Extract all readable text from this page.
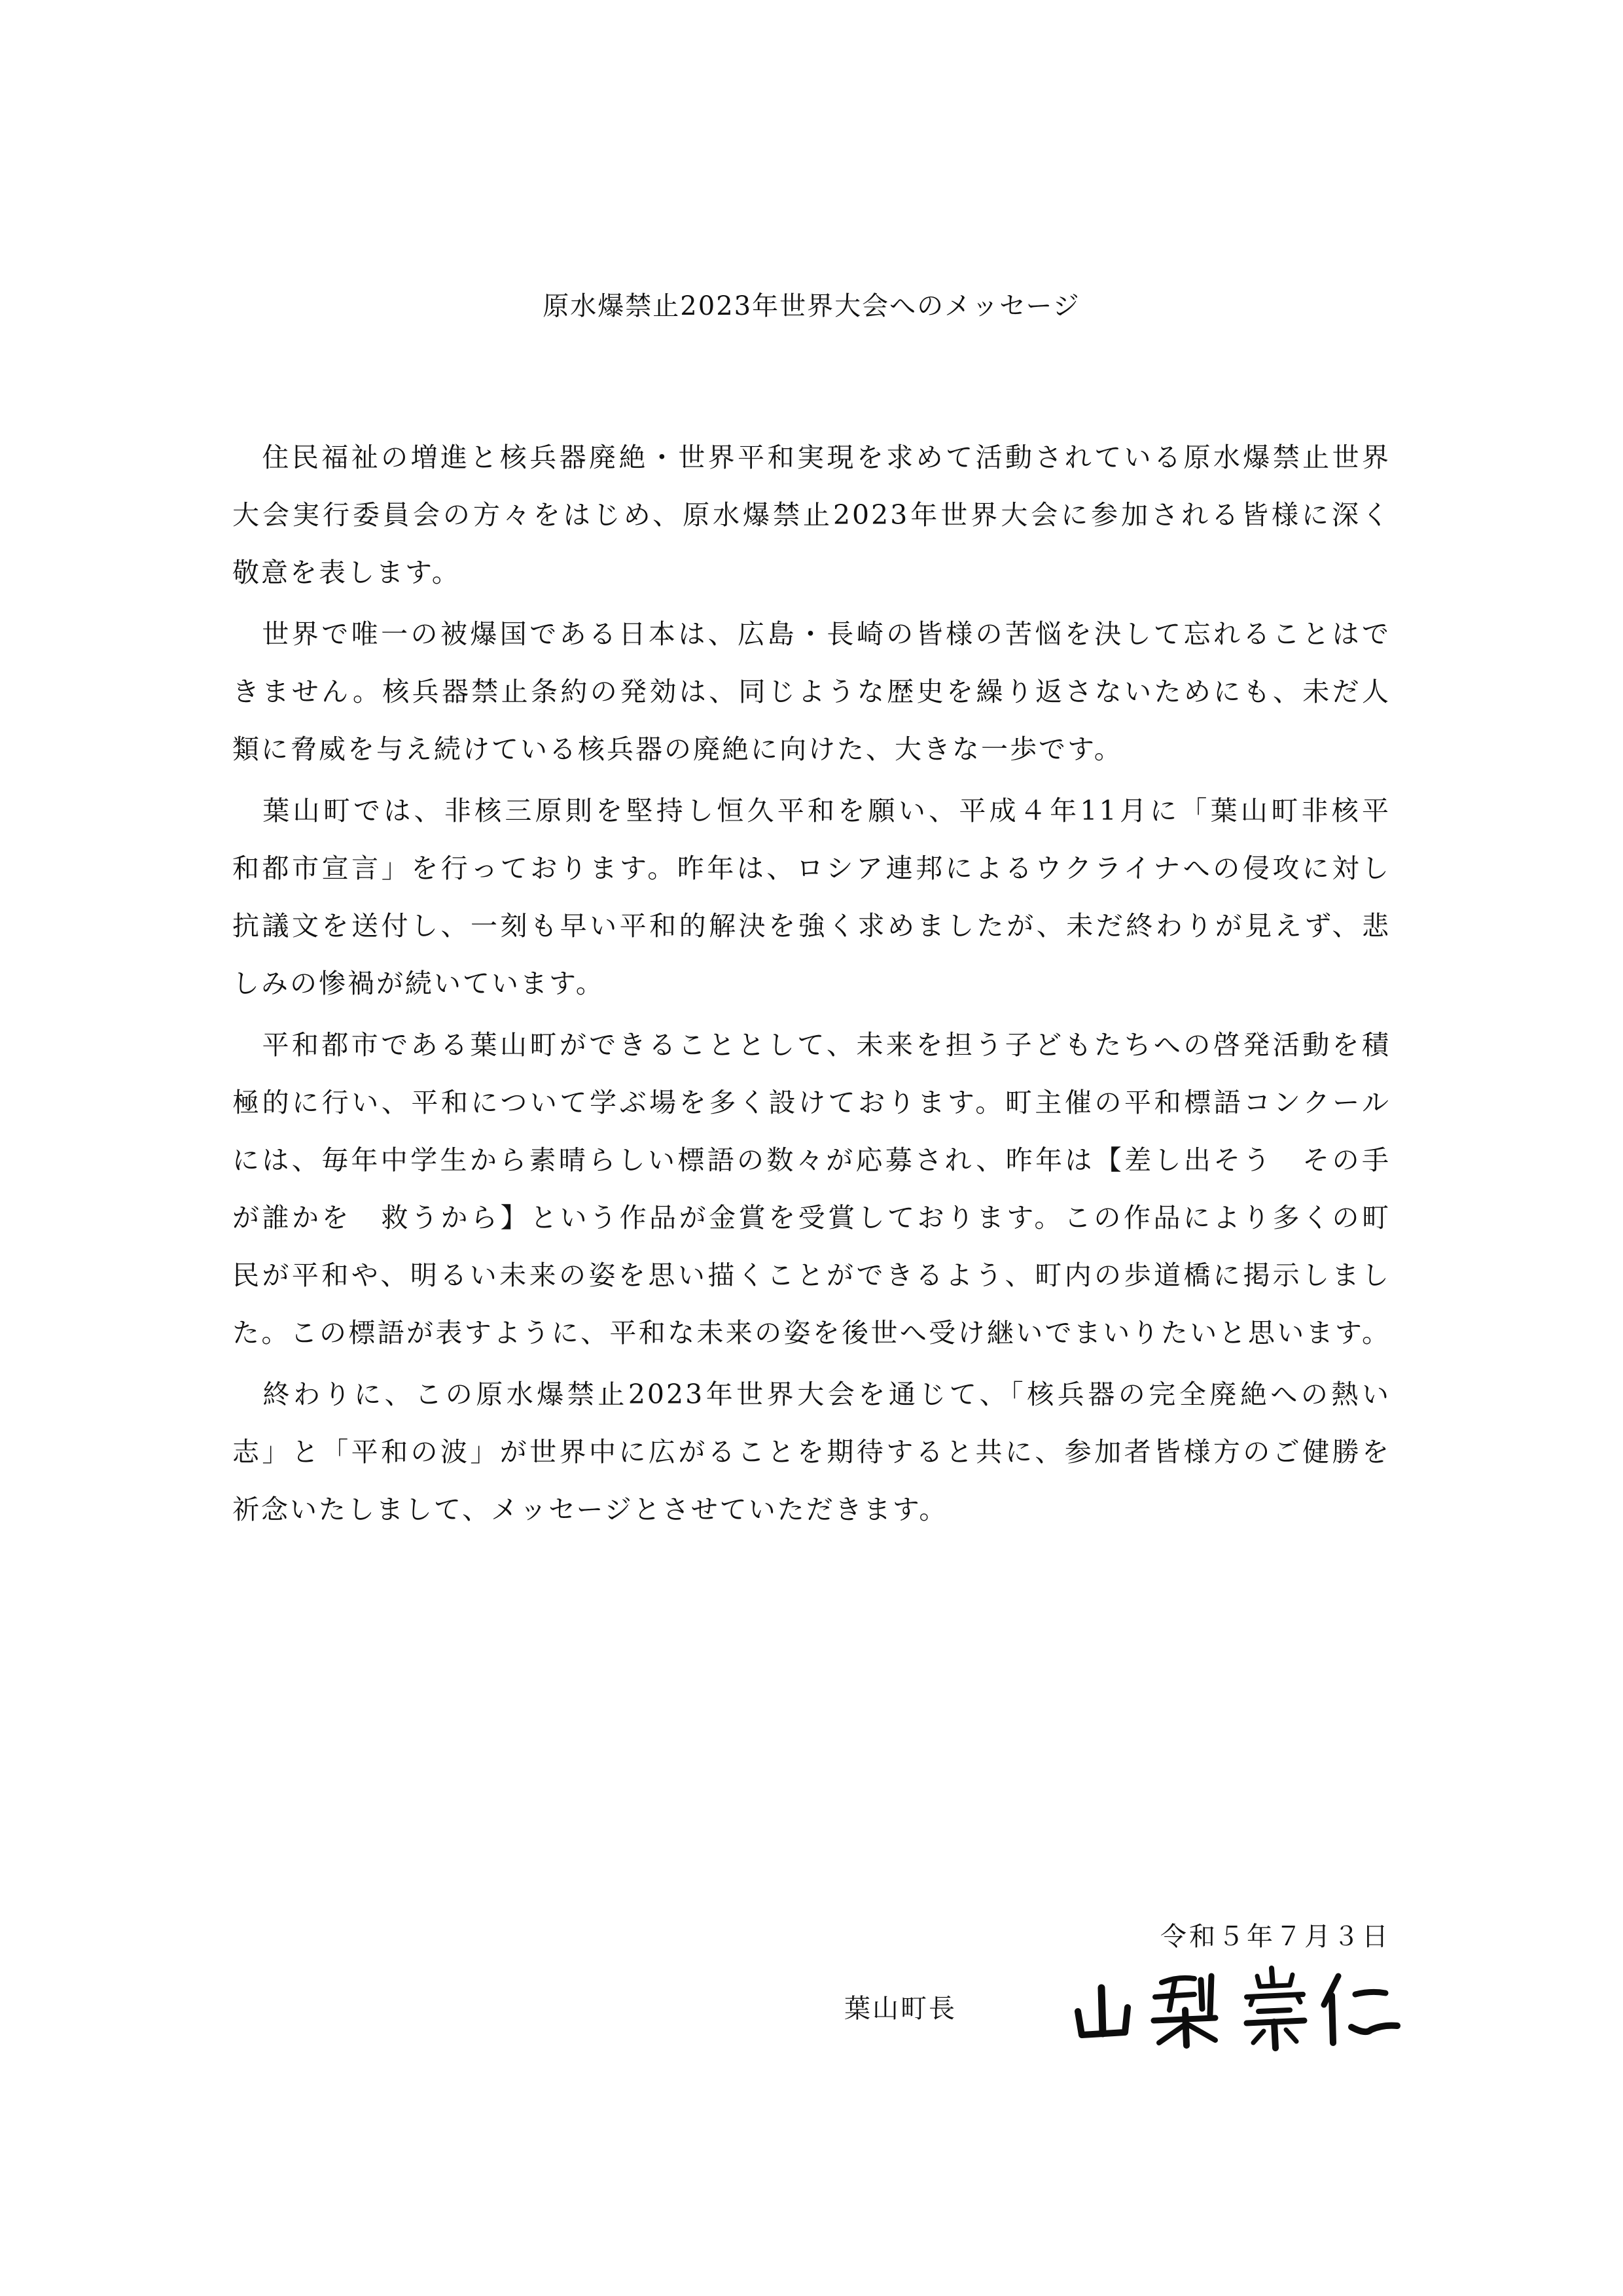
原水爆禁止2023年世界大会へのメッセージ
　住民福祉の増進と核兵器廃絶・世界平和実現を求めて活動されている原水爆禁止世界
大会実行委員会の方々をはじめ、原水爆禁止2023年世界大会に参加される皆様に深く
敬意を表します。
　世界で唯一の被爆国である日本は、広島・長崎の皆様の苦悩を決して忘れることはで
きません。核兵器禁止条約の発効は、同じような歴史を繰り返さないためにも、未だ人
類に脅威を与え続けている核兵器の廃絶に向けた、大きな一歩です。
　葉山町では、非核三原則を堅持し恒久平和を願い、平成４年11月に「葉山町非核平
和都市宣言」を行っております。昨年は、ロシア連邦によるウクライナへの侵攻に対し
抗議文を送付し、一刻も早い平和的解決を強く求めましたが、未だ終わりが見えず、悲
しみの惨禍が続いています。
　平和都市である葉山町ができることとして、未来を担う子どもたちへの啓発活動を積
極的に行い、平和について学ぶ場を多く設けております。町主催の平和標語コンクール
には、毎年中学生から素晴らしい標語の数々が応募され、昨年は【差し出そう　その手
が誰かを　救うから】という作品が金賞を受賞しております。この作品により多くの町
民が平和や、明るい未来の姿を思い描くことができるよう、町内の歩道橋に掲示しまし
た。この標語が表すように、平和な未来の姿を後世へ受け継いでまいりたいと思います。
　終わりに、この原水爆禁止2023年世界大会を通じて、「核兵器の完全廃絶への熱い
志」と「平和の波」が世界中に広がることを期待すると共に、参加者皆様方のご健勝を
祈念いたしまして、メッセージとさせていただきます。
令和５年７月３日
葉山町長
